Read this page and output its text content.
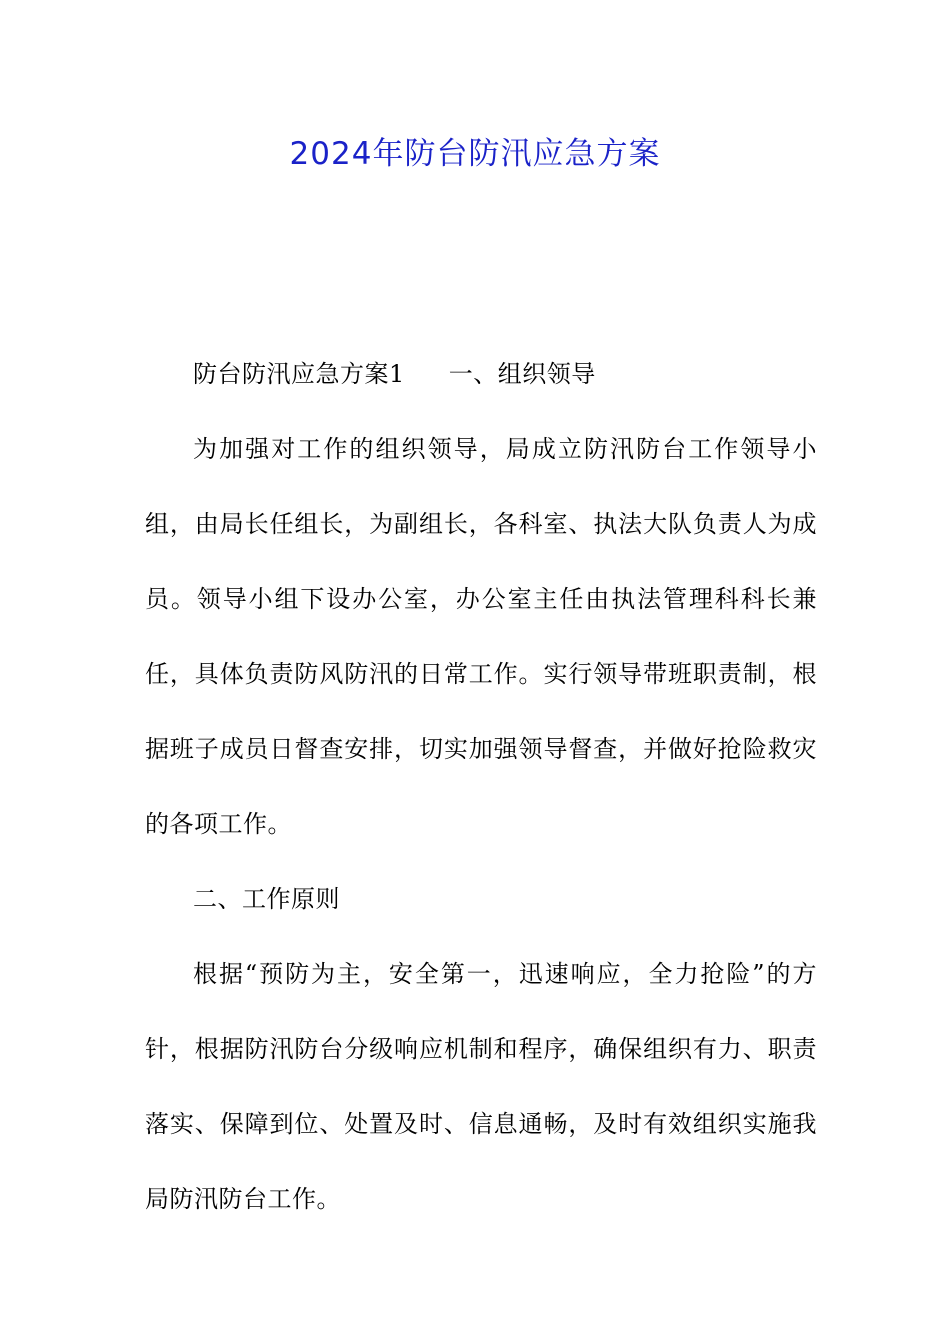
2024年防台防汛应急方案

防台防汛应急方案1 一、组织领导

为加强对工作的组织领导，局成立防汛防台工作领导小组，由局长任组长，为副组长，各科室、执法大队负责人为成员。领导小组下设办公室，办公室主任由执法管理科科长兼任，具体负责防风防汛的日常工作。实行领导带班职责制，根据班子成员日督查安排，切实加强领导督查，并做好抢险救灾的各项工作。

二、工作原则

根据“预防为主，安全第一，迅速响应，全力抢险”的方针，根据防汛防台分级响应机制和程序，确保组织有力、职责落实、保障到位、处置及时、信息通畅，及时有效组织实施我局防汛防台工作。
